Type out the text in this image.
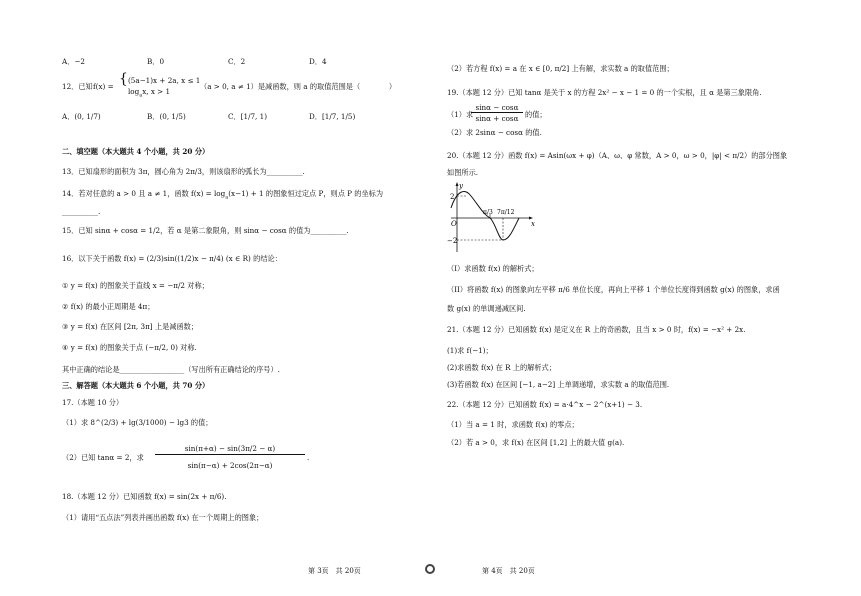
A．−2	B．0	C．2	D．4
12．已知 f(x) = { (5a−1)x + 2a, x ≤ 1
$\log_ax$, x > 1
（a > 0, a ≠ 1）是减函数，则 a 的取值范围是（　　　　）
A．(0, 1/7)	B．(0, 1/5)	C．[1/7, 1)	D．[1/7, 1/5)
二、填空题（本大题共 4 个小题，共 20 分）
13．已知扇形的面积为 3π，圆心角为 2π/3，则该扇形的弧长为__________.
14．若对任意的 a > 0 且 a ≠ 1，函数 $f(x) = \log_a(x-1) + 1$ 的图象恒过定点 P，则点 P 的坐标为
__________.
15．已知 sinα + cosα = 1/2，若 α 是第二象限角，则 sinα − cosα 的值为__________.
16．以下关于函数 f(x) = (2/3)sin((1/2)x − π/4) (x ∈ R) 的结论：
① y = f(x) 的图象关于直线 x = −π/2 对称；
② f(x) 的最小正周期是 4π；
③ y = f(x) 在区间 [2π, 3π] 上是减函数；
④ y = f(x) 的图象关于点 (−π/2, 0) 对称.
其中正确的结论是__________________（写出所有正确结论的序号）.
三、解答题（本大题共 6 个小题，共 70 分）
17.（本题 10 分）
（1）求 8^(2/3) + lg(3/1000) − lg3 的值；
（2）已知 tanα = 2，求
sin(π+α) − sin(3π/2 − α)
sin(π−α) + 2cos(2π−α)
.
18.（本题 12 分）已知函数 f(x) = sin(2x + π/6).
（1）请用“五点法”列表并画出函数 f(x) 在一个周期上的图象；
（2）若方程 f(x) = a 在 x ∈ [0, π/2] 上有解，求实数 a 的取值范围；
19.（本题 12 分）已知 tanα 是关于 x 的方程 2x² − x − 1 = 0 的一个实根，且 α 是第三象限角.
（1）求
sinα − cosα
sinα + cosα 的值；
（2）求 2sinα − cosα 的值.
20.（本题 12 分）函数 f(x) = Asin(ωx + φ)（A、ω、φ 常数，A > 0，ω > 0，|φ| < π/2）的部分图象
如图所示.
y
x
O
2
−2
π/3 7π/12
（I）求函数 f(x) 的解析式；
（II）将函数 f(x) 的图象向左平移 π/6 单位长度，再向上平移 1 个单位长度得到函数 g(x) 的图象，求函
数 g(x) 的单调递减区间.
21.（本题 12 分）已知函数 f(x) 是定义在 R 上的奇函数，且当 x > 0 时，f(x) = −x² + 2x.
(1)求 f(−1)；
(2)求函数 f(x) 在 R 上的解析式；
(3)若函数 f(x) 在区间 [−1, a−2] 上单调递增，求实数 a 的取值范围.
22.（本题 12 分）已知函数 f(x) = a·4^x − 2^(x+1) − 3.
（1）当 a = 1 时，求函数 f(x) 的零点；
（2）若 a > 0，求 f(x) 在区间 [1,2] 上的最大值 g(a).
第 3页　共 20页	第 4页　共 20页
